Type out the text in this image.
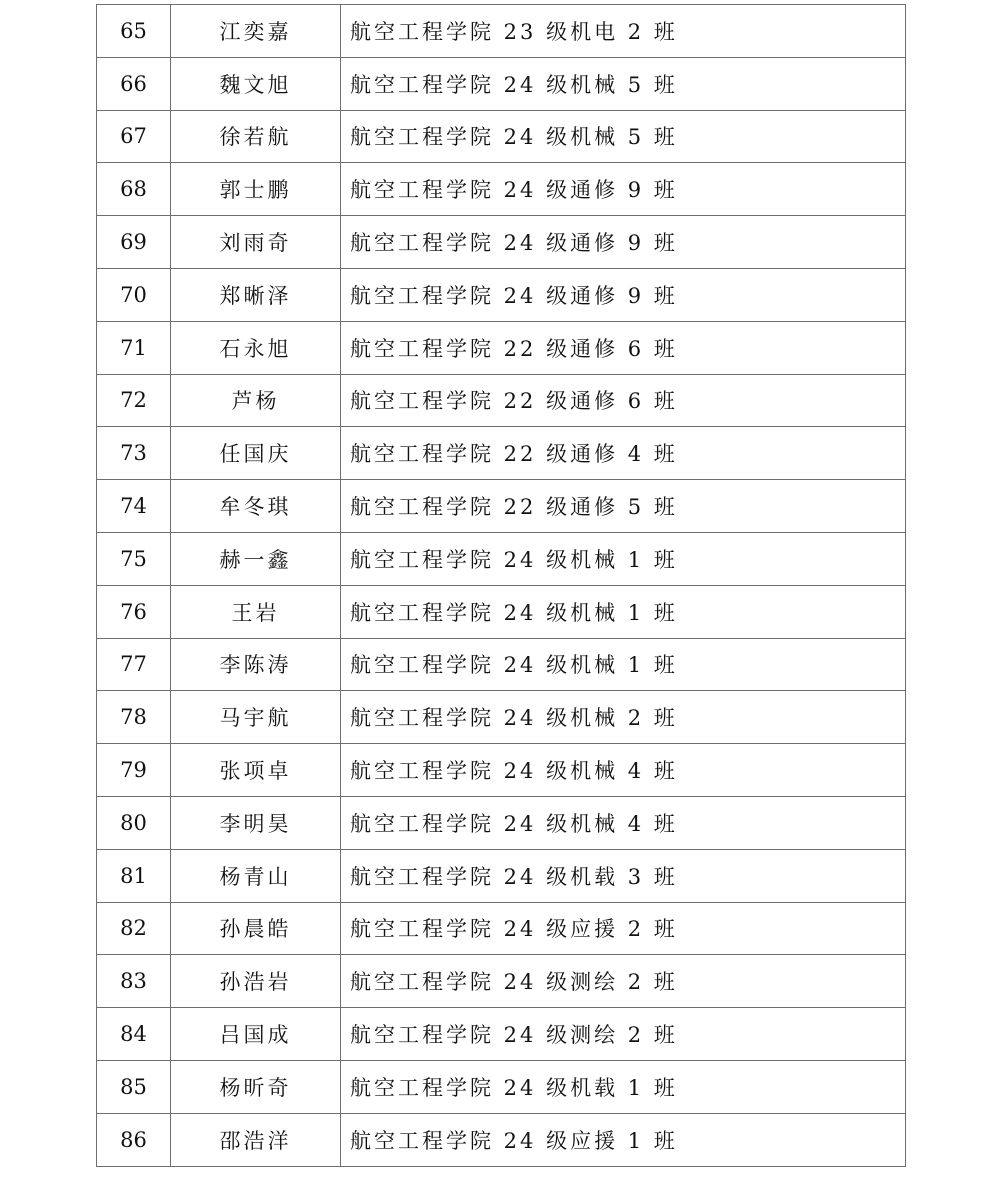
65	江奕嘉	航空工程学院 23 级机电 2 班
66	魏文旭	航空工程学院 24 级机械 5 班
67	徐若航	航空工程学院 24 级机械 5 班
68	郭士鹏	航空工程学院 24 级通修 9 班
69	刘雨奇	航空工程学院 24 级通修 9 班
70	郑晰泽	航空工程学院 24 级通修 9 班
71	石永旭	航空工程学院 22 级通修 6 班
72	芦杨	航空工程学院 22 级通修 6 班
73	任国庆	航空工程学院 22 级通修 4 班
74	牟冬琪	航空工程学院 22 级通修 5 班
75	赫一鑫	航空工程学院 24 级机械 1 班
76	王岩	航空工程学院 24 级机械 1 班
77	李陈涛	航空工程学院 24 级机械 1 班
78	马宇航	航空工程学院 24 级机械 2 班
79	张项卓	航空工程学院 24 级机械 4 班
80	李明昊	航空工程学院 24 级机械 4 班
81	杨青山	航空工程学院 24 级机载 3 班
82	孙晨皓	航空工程学院 24 级应援 2 班
83	孙浩岩	航空工程学院 24 级测绘 2 班
84	吕国成	航空工程学院 24 级测绘 2 班
85	杨昕奇	航空工程学院 24 级机载 1 班
86	邵浩洋	航空工程学院 24 级应援 1 班
